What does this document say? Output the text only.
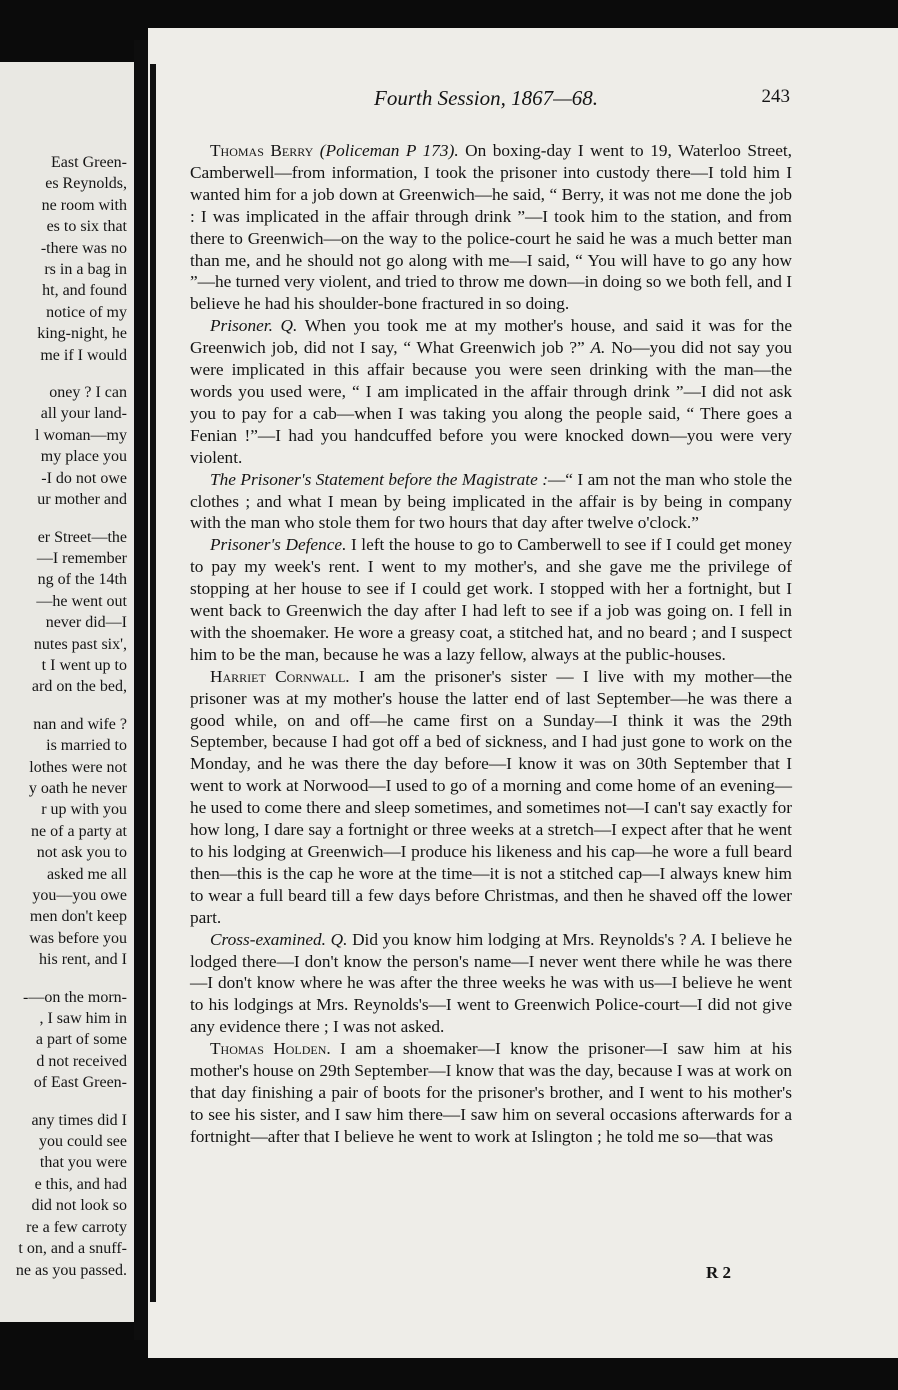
East Green-
es Reynolds,
ne room with
es to six that
-there was no
rs in a bag in
ht, and found
notice of my
king-night, he
me if I would
oney ? I can
all your land-
l woman—my
my place you
-I do not owe
ur mother and
er Street—the
—I remember
ng of the 14th
—he went out
never did—I
nutes past six',
t I went up to
ard on the bed,
nan and wife ?
is married to
lothes were not
y oath he never
r up with you
ne of a party at
not ask you to
asked me all
you—you owe
men don't keep
was before you
his rent, and I
-—on the morn-
, I saw him in
a part of some
d not received
of East Green-
any times did I
you could see
that you were
e this, and had
did not look so
re a few carroty
t on, and a snuff-
ne as you passed.
Fourth Session, 1867—68.	243

Thomas Berry (Policeman P 173). On boxing-day I went to 19, Waterloo Street, Camberwell—from information, I took the prisoner into custody there—I told him I wanted him for a job down at Greenwich—he said, “ Berry, it was not me done the job : I was implicated in the affair through drink ”—I took him to the station, and from there to Greenwich—on the way to the police-court he said he was a much better man than me, and he should not go along with me—I said, “ You will have to go any how ”—he turned very violent, and tried to throw me down—in doing so we both fell, and I believe he had his shoulder-bone fractured in so doing.

Prisoner. Q. When you took me at my mother's house, and said it was for the Greenwich job, did not I say, “ What Greenwich job ?” A. No—you did not say you were implicated in this affair because you were seen drinking with the man—the words you used were, “ I am implicated in the affair through drink ”—I did not ask you to pay for a cab—when I was taking you along the people said, “ There goes a Fenian !”—I had you handcuffed before you were knocked down—you were very violent.

The Prisoner's Statement before the Magistrate :—“ I am not the man who stole the clothes ; and what I mean by being implicated in the affair is by being in company with the man who stole them for two hours that day after twelve o'clock.”

Prisoner's Defence. I left the house to go to Camberwell to see if I could get money to pay my week's rent. I went to my mother's, and she gave me the privilege of stopping at her house to see if I could get work. I stopped with her a fortnight, but I went back to Greenwich the day after I had left to see if a job was going on. I fell in with the shoemaker. He wore a greasy coat, a stitched hat, and no beard ; and I suspect him to be the man, because he was a lazy fellow, always at the public-houses.

Harriet Cornwall. I am the prisoner's sister — I live with my mother—the prisoner was at my mother's house the latter end of last September—he was there a good while, on and off—he came first on a Sunday—I think it was the 29th September, because I had got off a bed of sickness, and I had just gone to work on the Monday, and he was there the day before—I know it was on 30th September that I went to work at Norwood—I used to go of a morning and come home of an evening—he used to come there and sleep sometimes, and sometimes not—I can't say exactly for how long, I dare say a fortnight or three weeks at a stretch—I expect after that he went to his lodging at Greenwich—I produce his likeness and his cap—he wore a full beard then—this is the cap he wore at the time—it is not a stitched cap—I always knew him to wear a full beard till a few days before Christmas, and then he shaved off the lower part.

Cross-examined. Q. Did you know him lodging at Mrs. Reynolds's ? A. I believe he lodged there—I don't know the person's name—I never went there while he was there—I don't know where he was after the three weeks he was with us—I believe he went to his lodgings at Mrs. Reynolds's—I went to Greenwich Police-court—I did not give any evidence there ; I was not asked.

Thomas Holden. I am a shoemaker—I know the prisoner—I saw him at his mother's house on 29th September—I know that was the day, because I was at work on that day finishing a pair of boots for the prisoner's brother, and I went to his mother's to see his sister, and I saw him there—I saw him on several occasions afterwards for a fortnight—after that I believe he went to work at Islington ; he told me so—that was

R 2
